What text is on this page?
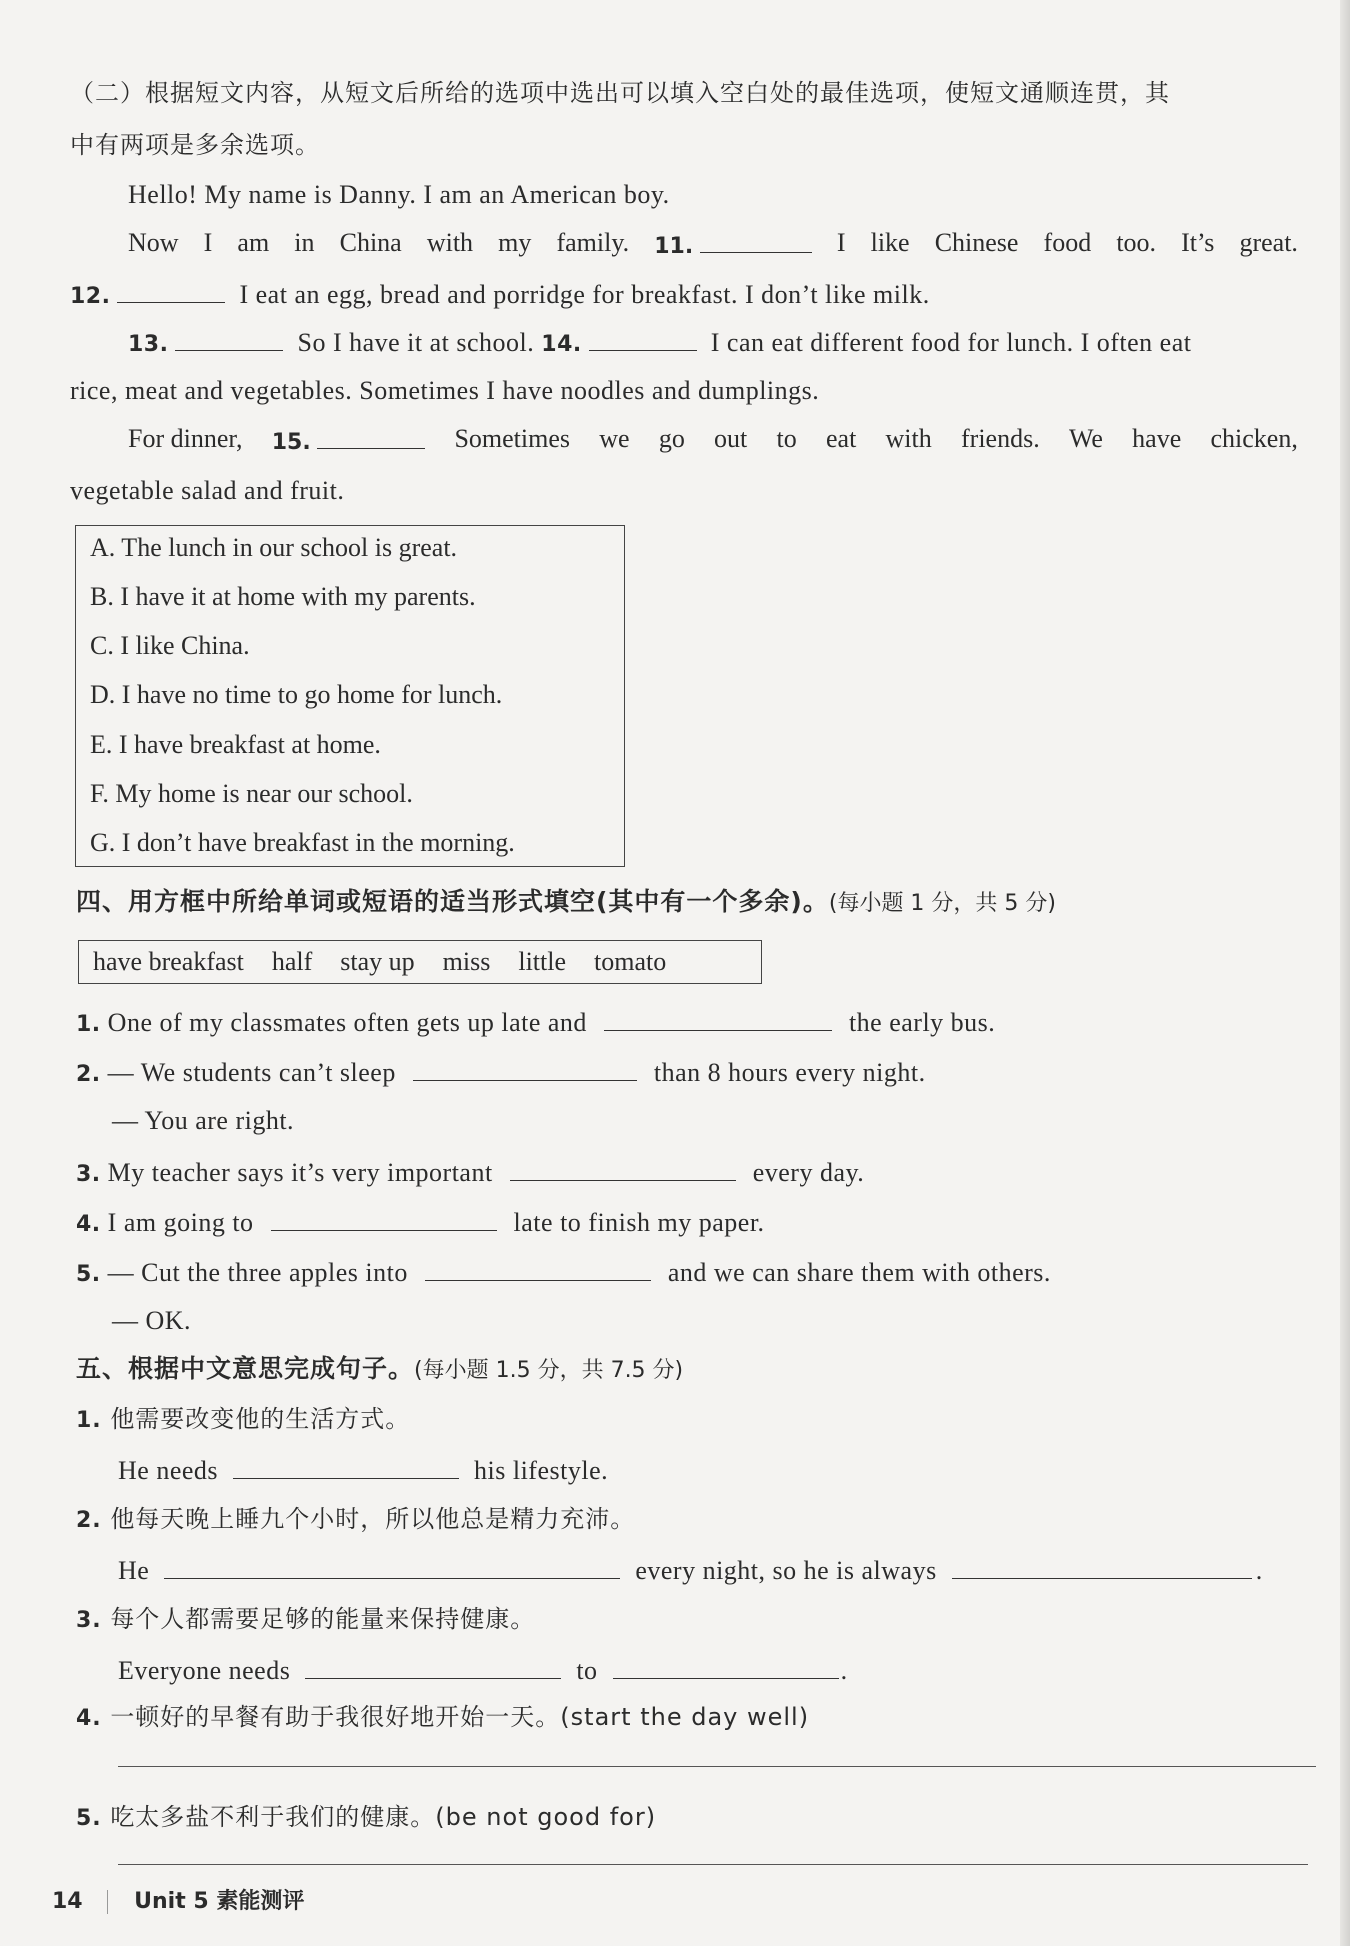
（二）根据短文内容，从短文后所给的选项中选出可以填入空白处的最佳选项，使短文通顺连贯，其
中有两项是多余选项。
Hello! My name is Danny. I am an American boy.
Now I am in China with my family. 11.	I like Chinese food too. It’s great.
12.	I eat an egg, bread and porridge for breakfast. I don’t like milk.
13.	So I have it at school. 14.	I can eat different food for lunch. I often eat
rice, meat and vegetables. Sometimes I have noodles and dumplings.
For dinner, 15.	Sometimes we go out to eat with friends. We have chicken,
vegetable salad and fruit.
A. The lunch in our school is great.
B. I have it at home with my parents.
C. I like China.
D. I have no time to go home for lunch.
E. I have breakfast at home.
F. My home is near our school.
G. I don’t have breakfast in the morning.
四、用方框中所给单词或短语的适当形式填空(其中有一个多余)。(每小题 1 分，共 5 分)
have breakfast half stay up miss little tomato
1. One of my classmates often gets up late and	the early bus.
2. — We students can’t sleep	than 8 hours every night.
— You are right.
3. My teacher says it’s very important	every day.
4. I am going to	late to finish my paper.
5. — Cut the three apples into	and we can share them with others.
— OK.
五、根据中文意思完成句子。(每小题 1.5 分，共 7.5 分)
1. 他需要改变他的生活方式。
He needs	his lifestyle.
2. 他每天晚上睡九个小时，所以他总是精力充沛。
He	every night, so he is always	.
3. 每个人都需要足够的能量来保持健康。
Everyone needs	to	.
4. 一顿好的早餐有助于我很好地开始一天。(start the day well)
5. 吃太多盐不利于我们的健康。(be not good for)
14 Unit 5 素能测评
